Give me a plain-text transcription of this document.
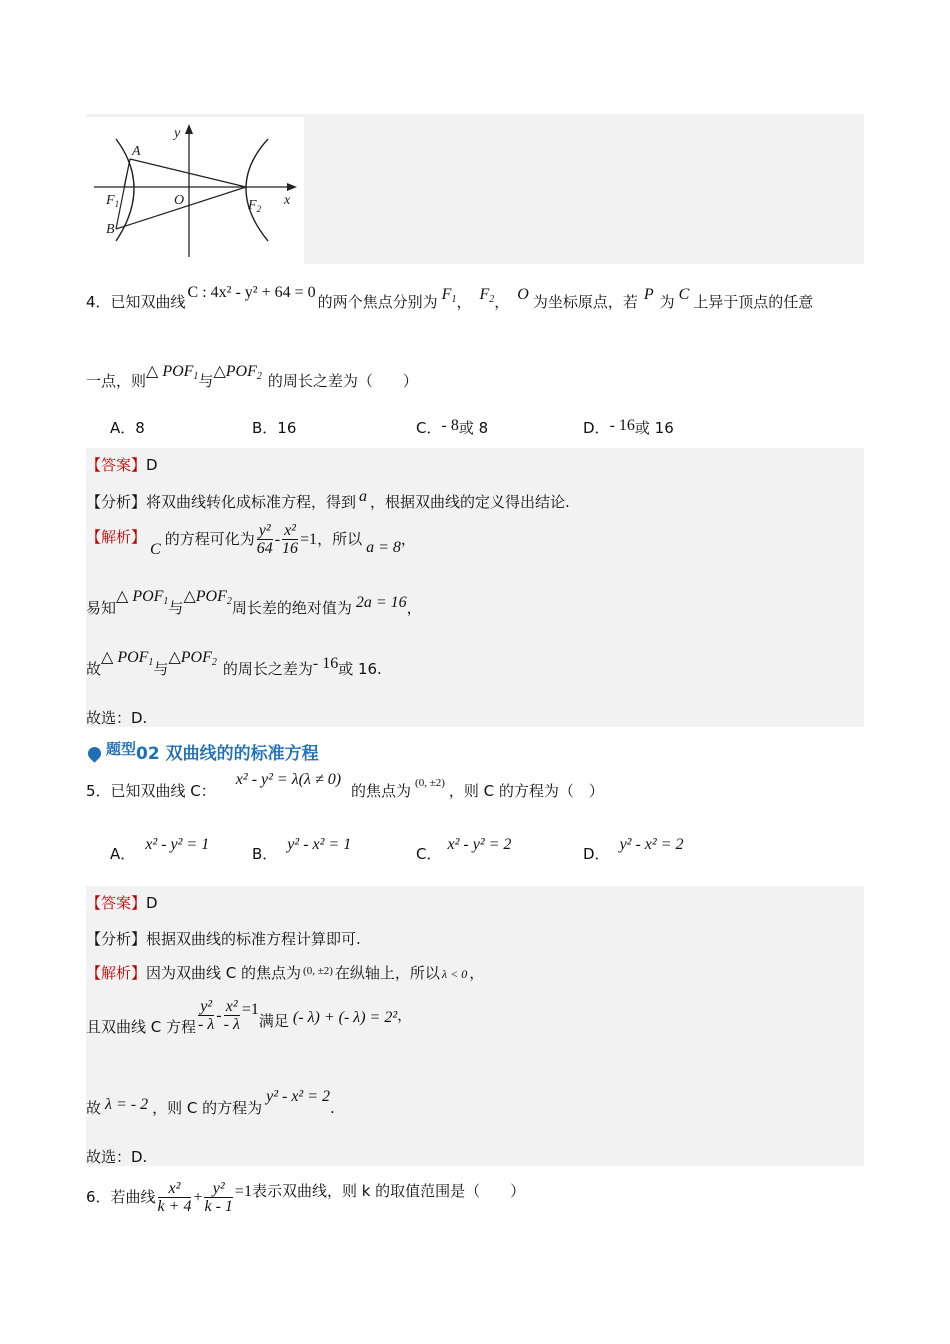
y
x
A
B
O
$F_1$	$F_2$
4．已知双曲线C : 4x² - y² + 64 = 0的两个焦点分别为 $F_1$， $F_2$， O 为坐标原点，若 P 为 C 上异于顶点的任意
一点，则△ $POF_1$与$\triangle POF_2$ 的周长之差为（　　）
A．8	B．16	C．- 8或 8	D．- 16或 16
【答案】D
【分析】将双曲线转化成标准方程，得到 a ，根据双曲线的定义得出结论.
【解析】C的方程可化为 $\frac{\text{y²}}{64} - \frac{\text{x²}}{16} =1$，所以 a = 8，
易知△ $POF_1$与$\triangle POF_2$周长差的绝对值为 2a = 16，
故△ $POF_1$与$\triangle POF_2$ 的周长之差为- 16或 16.
故选：D.
题型02 双曲线的的标准方程
5．已知双曲线 C：x² - y² = λ(λ ≠ 0)的焦点为 $^{(0, \pm 2)}$ ，则 C 的方程为（　）
A．x² - y² = 1
B．y² - x² = 1
C．x² - y² = 2
D．y² - x² = 2
【答案】D
【分析】根据双曲线的标准方程计算即可.
【解析】因为双曲线 C 的焦点为 $^{(0, \pm 2)}$ 在纵轴上，所以 λ < 0 ，
且双曲线 C 方程 $\frac{\text{y²}}{- \lambda} - \frac{\text{x²}}{- \lambda} =1$满足 (- λ) + (- λ) = 2²，
故 λ = - 2 ，则 C 的方程为y² - x² = 2.
故选：D.
6．若曲线 $\frac{\text{x²}}{k + 4} + \frac{\text{y²}}{k - 1} =1$表示双曲线，则 k 的取值范围是（　　）
